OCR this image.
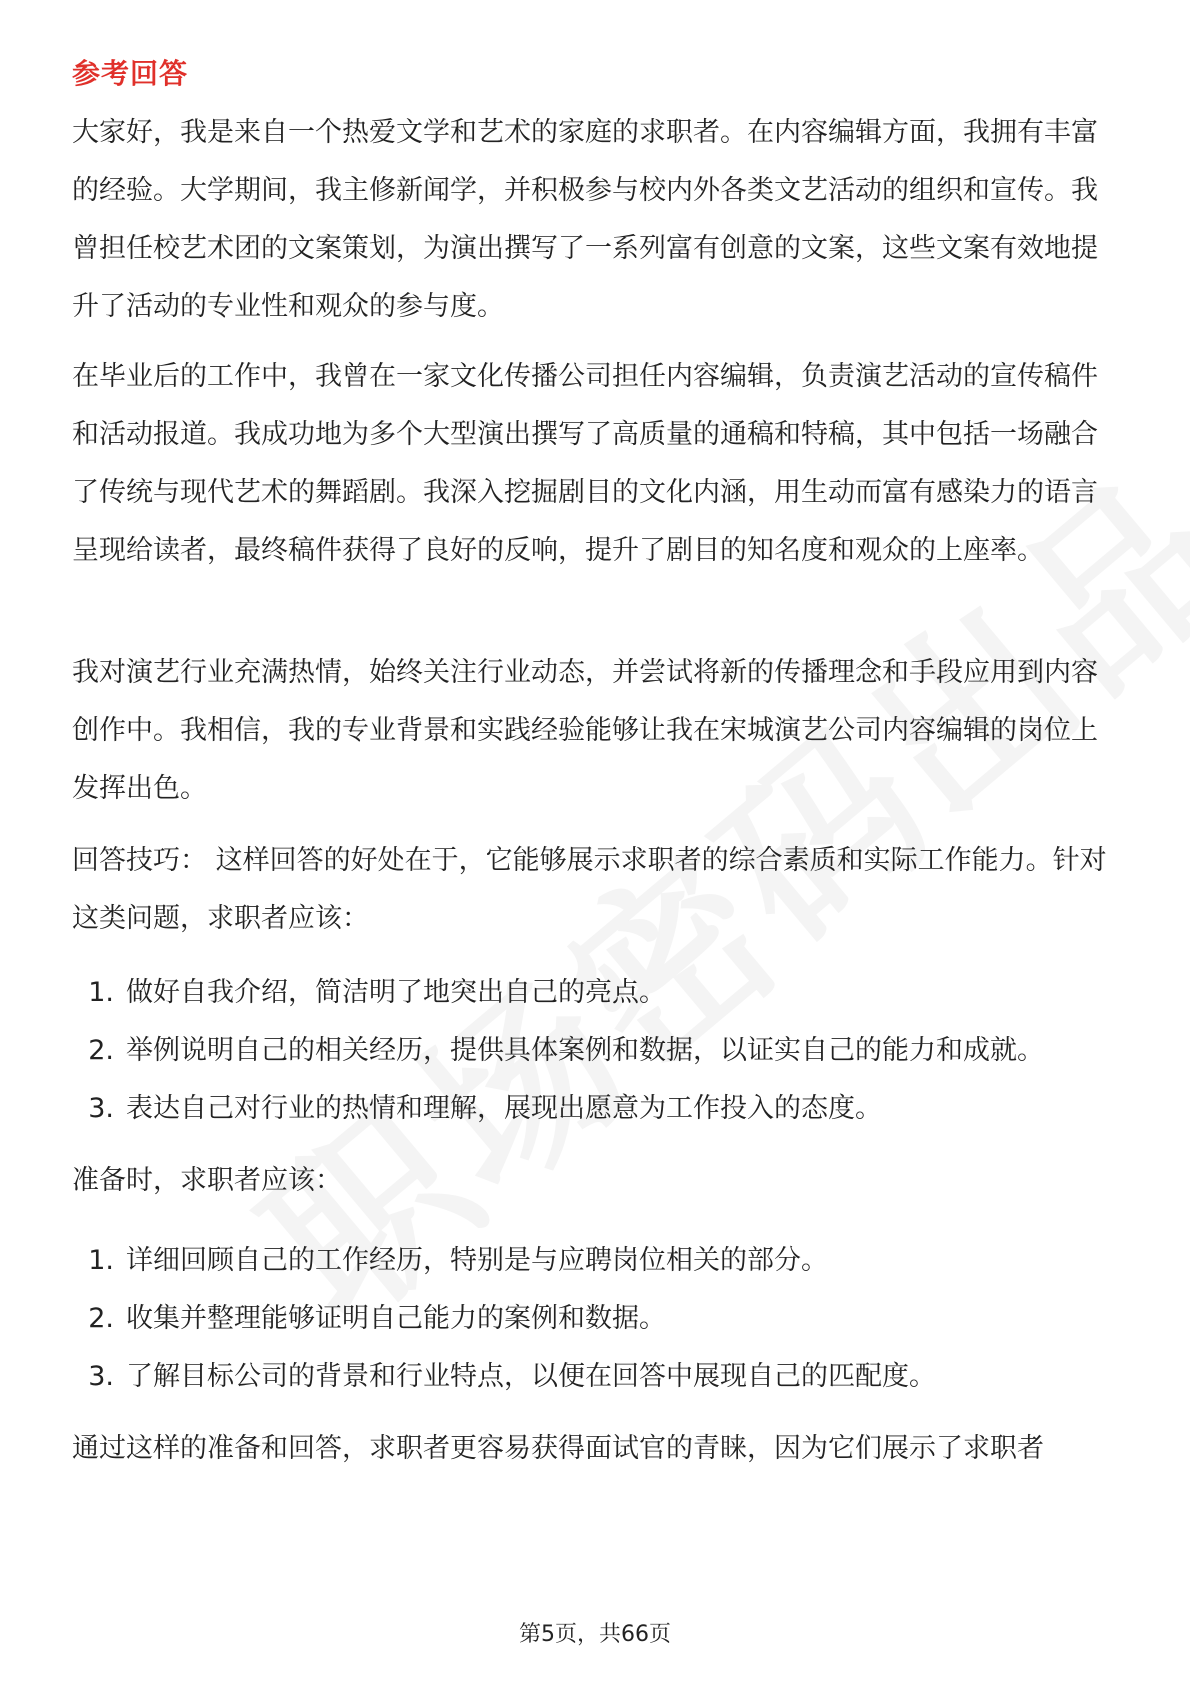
参考回答

大家好，我是来自一个热爱文学和艺术的家庭的求职者。在内容编辑方面，我拥有丰富的经验。大学期间，我主修新闻学，并积极参与校内外各类文艺活动的组织和宣传。我曾担任校艺术团的文案策划，为演出撰写了一系列富有创意的文案，这些文案有效地提升了活动的专业性和观众的参与度。

在毕业后的工作中，我曾在一家文化传播公司担任内容编辑，负责演艺活动的宣传稿件和活动报道。我成功地为多个大型演出撰写了高质量的通稿和特稿，其中包括一场融合了传统与现代艺术的舞蹈剧。我深入挖掘剧目的文化内涵，用生动而富有感染力的语言呈现给读者，最终稿件获得了良好的反响，提升了剧目的知名度和观众的上座率。

我对演艺行业充满热情，始终关注行业动态，并尝试将新的传播理念和手段应用到内容创作中。我相信，我的专业背景和实践经验能够让我在宋城演艺公司内容编辑的岗位上发挥出色。

回答技巧： 这样回答的好处在于，它能够展示求职者的综合素质和实际工作能力。针对这类问题，求职者应该：

1. 做好自我介绍，简洁明了地突出自己的亮点。
2. 举例说明自己的相关经历，提供具体案例和数据，以证实自己的能力和成就。
3. 表达自己对行业的热情和理解，展现出愿意为工作投入的态度。

准备时，求职者应该：

1. 详细回顾自己的工作经历，特别是与应聘岗位相关的部分。
2. 收集并整理能够证明自己能力的案例和数据。
3. 了解目标公司的背景和行业特点，以便在回答中展现自己的匹配度。

通过这样的准备和回答，求职者更容易获得面试官的青睐，因为它们展示了求职者

第5页，共66页
